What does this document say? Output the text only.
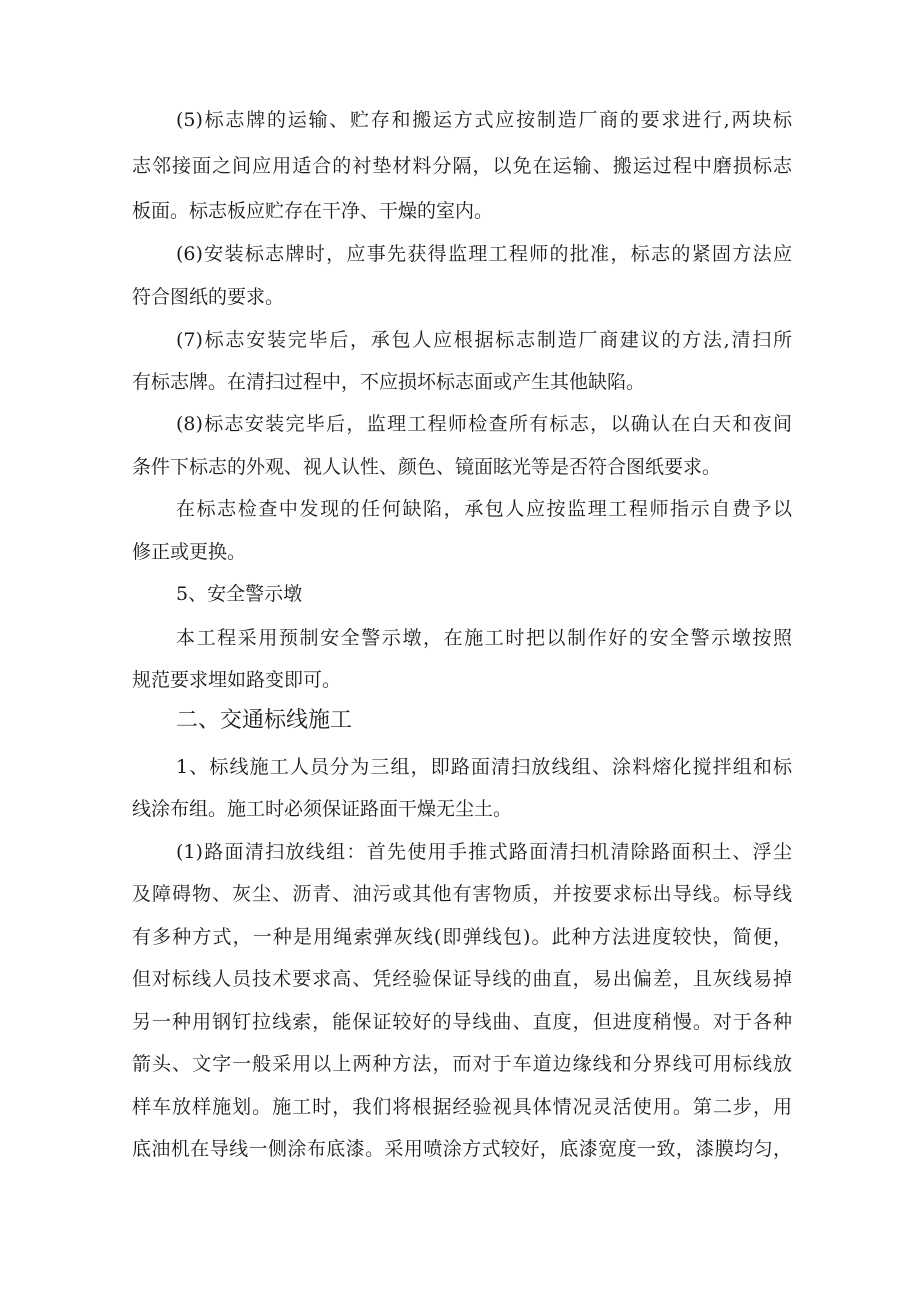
(5)标志牌的运输、贮存和搬运方式应按制造厂商的要求进行,两块标
志邻接面之间应用适合的衬垫材料分隔，以免在运输、搬运过程中磨损标志
板面。标志板应贮存在干净、干燥的室内。
(6)安装标志牌时，应事先获得监理工程师的批准，标志的紧固方法应
符合图纸的要求。
(7)标志安装完毕后，承包人应根据标志制造厂商建议的方法,清扫所
有标志牌。在清扫过程中，不应损坏标志面或产生其他缺陷。
(8)标志安装完毕后，监理工程师检查所有标志，以确认在白天和夜间
条件下标志的外观、视人认性、颜色、镜面眩光等是否符合图纸要求。
在标志检查中发现的任何缺陷，承包人应按监理工程师指示自费予以
修正或更换。
5、安全警示墩
本工程采用预制安全警示墩，在施工时把以制作好的安全警示墩按照
规范要求埋如路变即可。
二、交通标线施工
1、标线施工人员分为三组，即路面清扫放线组、涂料熔化搅拌组和标
线涂布组。施工时必须保证路面干燥无尘土。
(1)路面清扫放线组：首先使用手推式路面清扫机清除路面积土、浮尘
及障碍物、灰尘、沥青、油污或其他有害物质，并按要求标出导线。标导线
有多种方式，一种是用绳索弹灰线(即弹线包)。此种方法进度较快，简便，
但对标线人员技术要求高、凭经验保证导线的曲直，易出偏差，且灰线易掉
另一种用钢钉拉线索，能保证较好的导线曲、直度，但进度稍慢。对于各种
箭头、文字一般采用以上两种方法，而对于车道边缘线和分界线可用标线放
样车放样施划。施工时，我们将根据经验视具体情况灵活使用。第二步，用
底油机在导线一侧涂布底漆。采用喷涂方式较好，底漆宽度一致，漆膜均匀，
